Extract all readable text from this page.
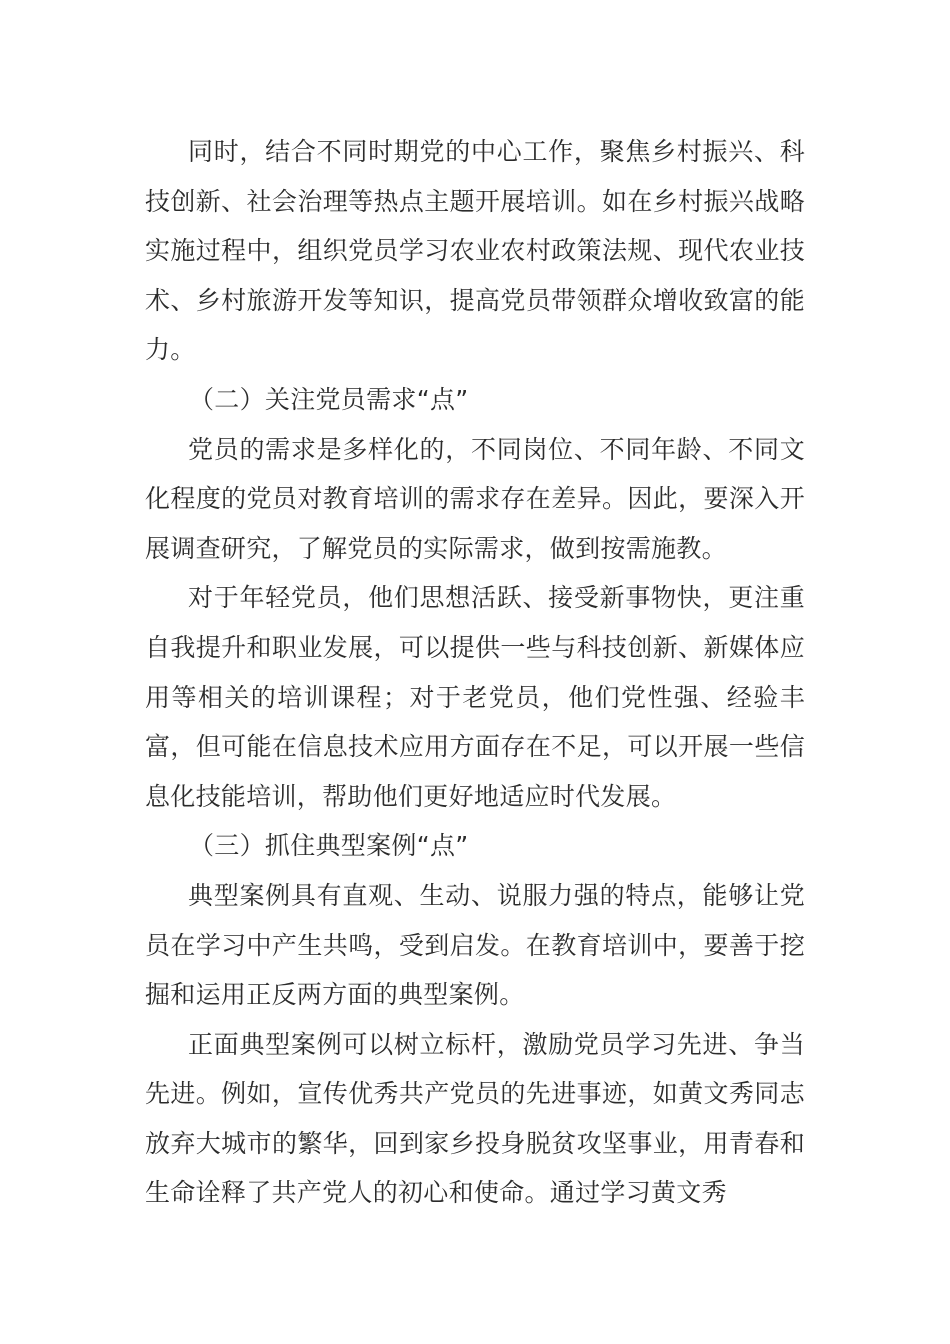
同时，结合不同时期党的中心工作，聚焦乡村振兴、科技创新、社会治理等热点主题开展培训。如在乡村振兴战略实施过程中，组织党员学习农业农村政策法规、现代农业技术、乡村旅游开发等知识，提高党员带领群众增收致富的能力。

（二）关注党员需求“点”

党员的需求是多样化的，不同岗位、不同年龄、不同文化程度的党员对教育培训的需求存在差异。因此，要深入开展调查研究，了解党员的实际需求，做到按需施教。

对于年轻党员，他们思想活跃、接受新事物快，更注重自我提升和职业发展，可以提供一些与科技创新、新媒体应用等相关的培训课程；对于老党员，他们党性强、经验丰富，但可能在信息技术应用方面存在不足，可以开展一些信息化技能培训，帮助他们更好地适应时代发展。

（三）抓住典型案例“点”

典型案例具有直观、生动、说服力强的特点，能够让党员在学习中产生共鸣，受到启发。在教育培训中，要善于挖掘和运用正反两方面的典型案例。

正面典型案例可以树立标杆，激励党员学习先进、争当先进。例如，宣传优秀共产党员的先进事迹，如黄文秀同志放弃大城市的繁华，回到家乡投身脱贫攻坚事业，用青春和生命诠释了共产党人的初心和使命。通过学习黄文秀
